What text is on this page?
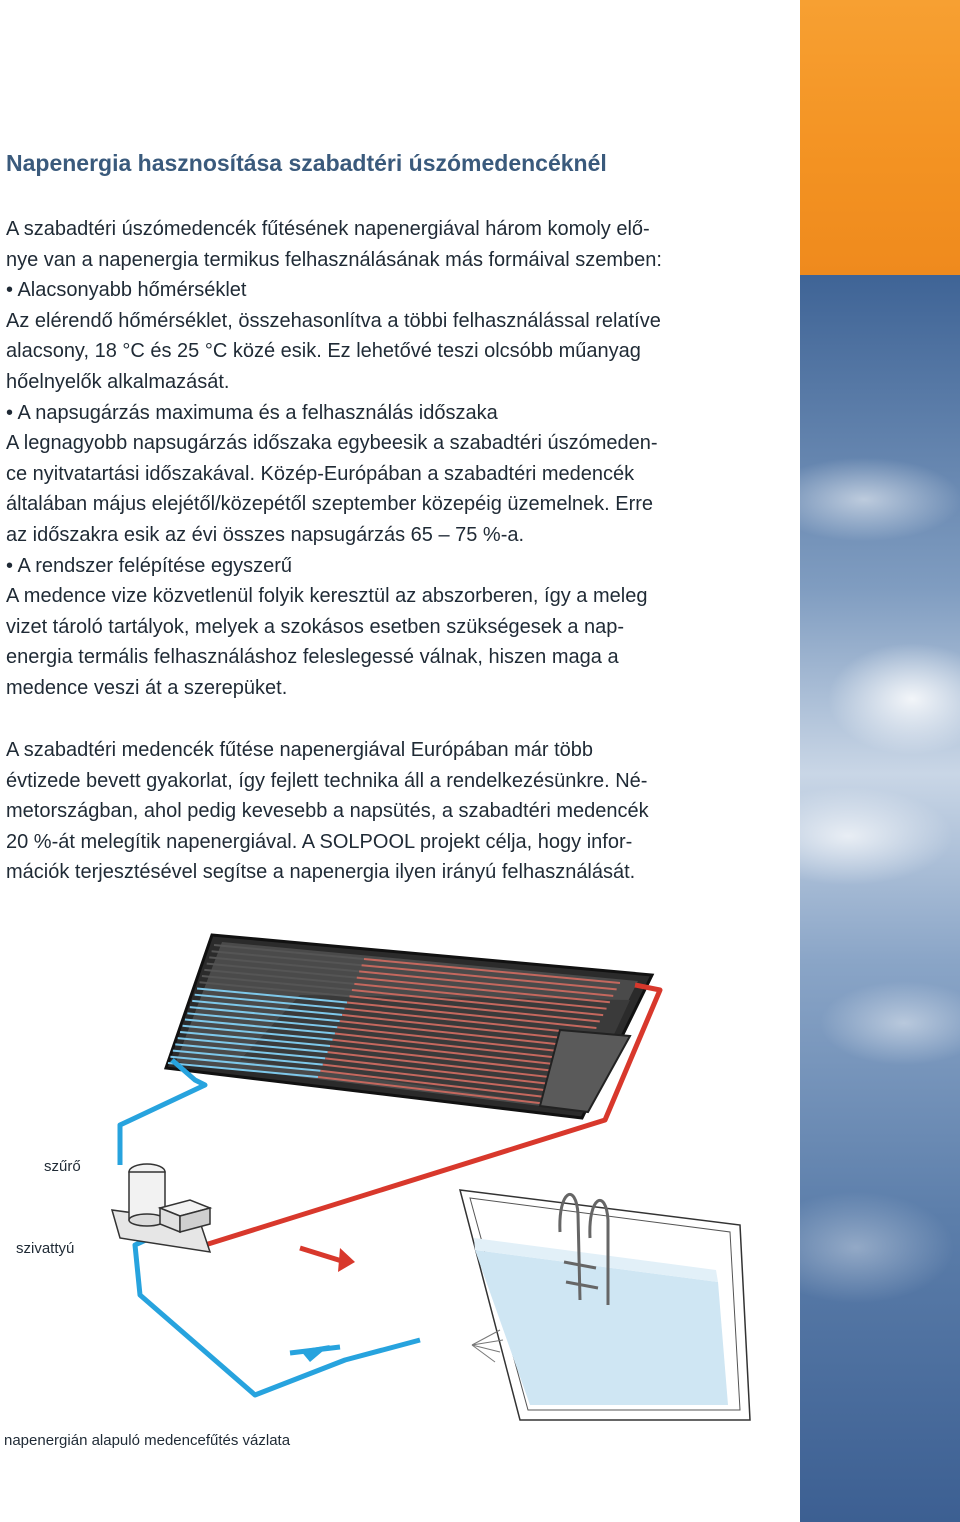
Napenergia hasznosítása szabadtéri úszómedencéknél
A szabadtéri úszómedencék fűtésének napenergiával három komoly elő-
nye van a napenergia termikus felhasználásának más formáival szemben:
• Alacsonyabb hőmérséklet
Az elérendő hőmérséklet, összehasonlítva a többi felhasználással relatíve
alacsony, 18 °C és 25 °C közé esik. Ez lehetővé teszi olcsóbb műanyag
hőelnyelők alkalmazását.
• A napsugárzás maximuma és a felhasználás időszaka
A legnagyobb napsugárzás időszaka egybeesik a szabadtéri úszómeden-
ce nyitvatartási időszakával. Közép-Európában a szabadtéri medencék
általában május elejétől/közepétől szeptember közepéig üzemelnek. Erre
az időszakra esik az évi összes napsugárzás 65 – 75 %-a.
• A rendszer felépítése egyszerű
A medence vize közvetlenül folyik keresztül az abszorberen, így a meleg
vizet tároló tartályok, melyek a szokásos esetben szükségesek a nap-
energia termális felhasználáshoz feleslegessé válnak, hiszen maga a
medence veszi át a szerepüket.
A szabadtéri medencék fűtése napenergiával Európában már több
évtizede bevett gyakorlat, így fejlett technika áll a rendelkezésünkre. Né-
metországban, ahol pedig kevesebb a napsütés, a szabadtéri medencék
20 %-át melegítik napenergiával. A SOLPOOL projekt célja, hogy infor-
mációk terjesztésével segítse a napenergia ilyen irányú felhasználását.
szűrő
szivattyú
napenergián alapuló medencefűtés vázlata
